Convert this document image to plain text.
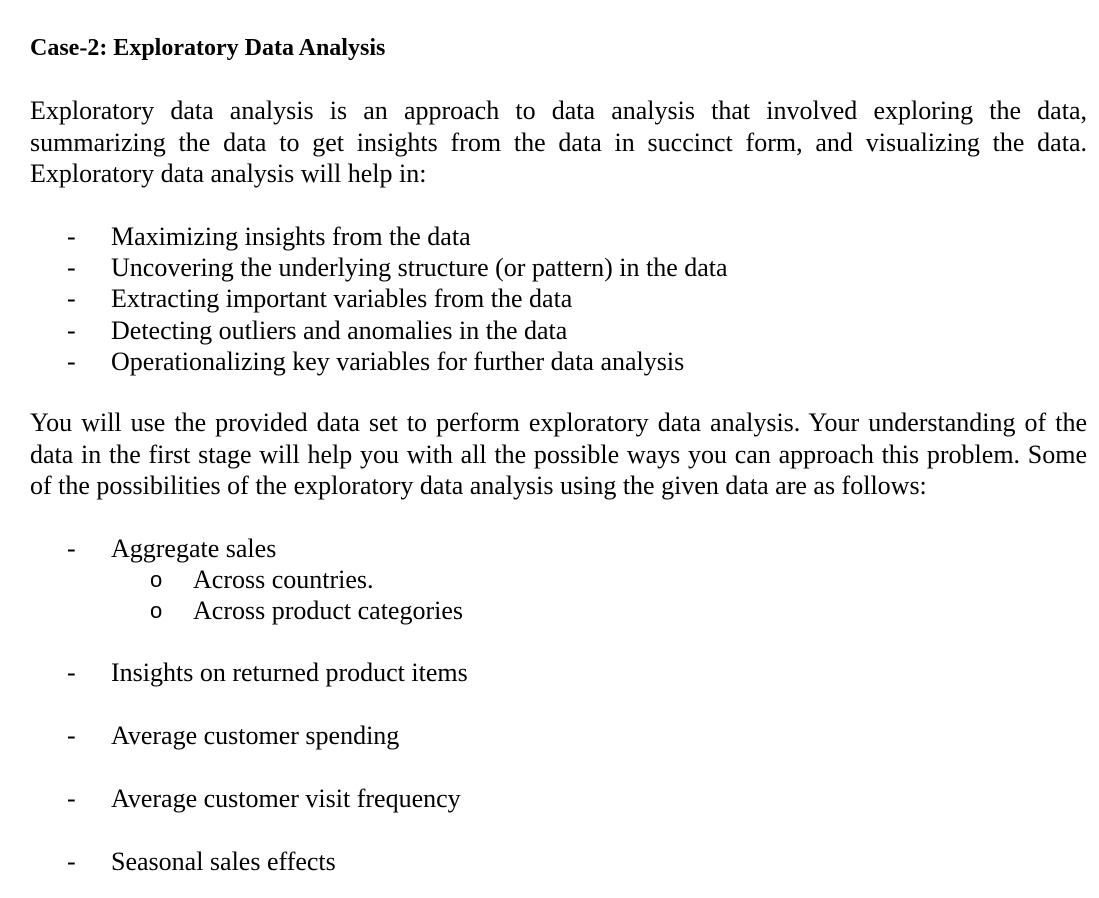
Case-2: Exploratory Data Analysis

Exploratory data analysis is an approach to data analysis that involved exploring the data,
summarizing the data to get insights from the data in succinct form, and visualizing the data.
Exploratory data analysis will help in:

- Maximizing insights from the data
- Uncovering the underlying structure (or pattern) in the data
- Extracting important variables from the data
- Detecting outliers and anomalies in the data
- Operationalizing key variables for further data analysis

You will use the provided data set to perform exploratory data analysis. Your understanding of the
data in the first stage will help you with all the possible ways you can approach this problem. Some
of the possibilities of the exploratory data analysis using the given data are as follows:

- Aggregate sales
o Across countries.
o Across product categories
- Insights on returned product items
- Average customer spending
- Average customer visit frequency
- Seasonal sales effects
